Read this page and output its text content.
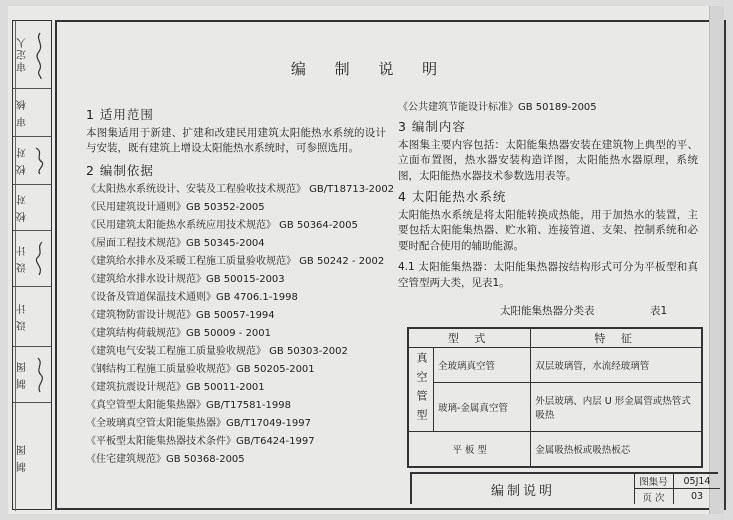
审定人
审 核
校 对
校 对
设 计
设 计
制 图
制 图
编 制 说 明
1 适用范围
本图集适用于新建、扩建和改建民用建筑太阳能热水系统的设计与安装，既有建筑上增设太阳能热水系统时，可参照选用。
2 编制依据
《太阳热水系统设计、安装及工程验收技术规范》 GB/T18713-2002
《民用建筑设计通则》GB 50352-2005
《民用建筑太阳能热水系统应用技术规范》 GB 50364-2005
《屋面工程技术规范》GB 50345-2004
《建筑给水排水及采暖工程施工质量验收规范》 GB 50242 - 2002
《建筑给水排水设计规范》GB 50015-2003
《设备及管道保温技术通则》GB 4706.1-1998
《建筑物防雷设计规范》GB 50057-1994
《建筑结构荷载规范》GB 50009 - 2001
《建筑电气安装工程施工质量验收规范》 GB 50303-2002
《钢结构工程施工质量验收规范》GB 50205-2001
《建筑抗震设计规范》GB 50011-2001
《真空管型太阳能集热器》GB/T17581-1998
《全玻璃真空管太阳能集热器》GB/T17049-1997
《平板型太阳能集热器技术条件》GB/T6424-1997
《住宅建筑规范》GB 50368-2005
《公共建筑节能设计标准》GB 50189-2005
3 编制内容
本图集主要内容包括：太阳能集热器安装在建筑物上典型的平、立面布置图，热水器安装构造详图，太阳能热水器原理，系统图，太阳能热水器技术参数选用表等。
4 太阳能热水系统
太阳能热水系统是将太阳能转换成热能，用于加热水的装置，主要包括太阳能集热器、贮水箱、连接管道、支架、控制系统和必要时配合使用的辅助能源。
4.1 太阳能集热器：太阳能集热器按结构形式可分为平板型和真空管型两大类，见表1。
太阳能集热器分类表	表1
型 式		特 征
真空管型	全玻璃真空管	双层玻璃管，水流经玻璃管
	玻璃-金属真空管	外层玻璃、内层 U 形金属管或热管式吸热
平 板 型		金属吸热板或吸热板芯
编制说明
图集号	05J14
页 次	03
